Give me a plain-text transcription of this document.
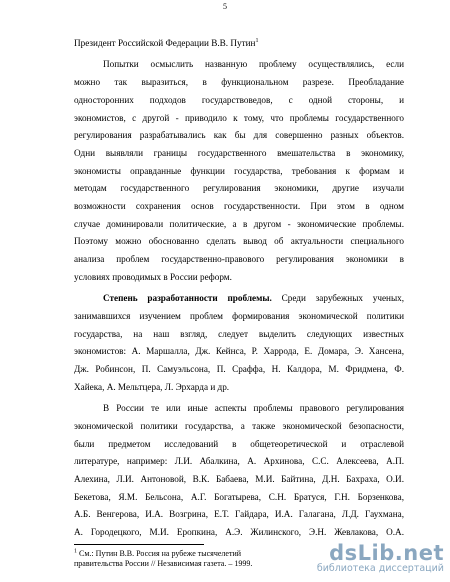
5
Президент Российской Федерации В.В. Путин$^1$
Попытки осмыслить названную проблему осуществлялись, если
можно так выразиться, в функциональном разрезе. Преобладание
односторонних подходов государствоведов, с одной стороны, и
экономистов, с другой - приводило к тому, что проблемы государственного
регулирования разрабатывались как бы для совершенно разных объектов.
Одни выявляли границы государственного вмешательства в экономику,
экономисты оправданные функции государства, требования к формам и
методам государственного регулирования экономики, другие изучали
возможности сохранения основ государственности. При этом в одном
случае доминировали политические, а в другом - экономические проблемы.
Поэтому можно обоснованно сделать вывод об актуальности специального
анализа проблем государственно-правового регулирования экономики в
условиях проводимых в России реформ.
Степень разработанности проблемы. Среди зарубежных ученых,
занимавшихся изучением проблем формирования экономической политики
государства, на наш взгляд, следует выделить следующих известных
экономистов: А. Маршалла, Дж. Кейнса, Р. Харрода, Е. Домара, Э. Хансена,
Дж. Робинсон, П. Самуэльсона, П. Сраффа, Н. Калдора, М. Фридмена, Ф.
Хайека, А. Мельтцера, Л. Эрхарда и др.
В России те или иные аспекты проблемы правового регулирования
экономической политики государства, а также экономической безопасности,
были предметом исследований в общетеоретической и отраслевой
литературе, например: Л.И. Абалкина, А. Архинова, С.С. Алексеева, А.П.
Алехина, Л.И. Антоновой, В.К. Бабаева, М.И. Байтина, Д.Н. Бахраха, О.И.
Бекетова, Я.М. Бельсона, А.Г. Богатырева, С.Н. Братуся, Г.Н. Борзенкова,
А.Б. Венгерова, И.А. Возгрина, Е.Т. Гайдара, И.А. Галагана, Л.Д. Гаухмана,
А. Городецкого, М.И. Еропкина, А.Э. Жилинского, Э.Н. Жевлакова, О.А.
$^1$ См.: Путин В.В. Россия на рубеже тысячелетий
правительства России // Независимая газета. – 1999.	dsLib.net
библиотека диссертаций
